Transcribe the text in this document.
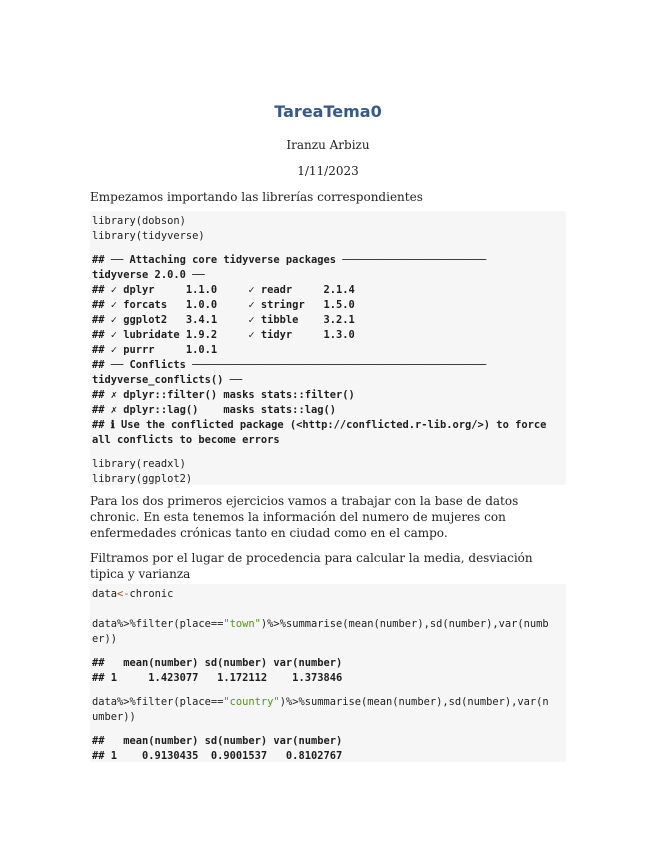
TareaTema0
Iranzu Arbizu
1/11/2023
Empezamos importando las librerías correspondientes
library(dobson)
library(tidyverse)
## ── Attaching core tidyverse packages ───────────────────────
tidyverse 2.0.0 ──
## ✓ dplyr     1.1.0     ✓ readr     2.1.4
## ✓ forcats   1.0.0     ✓ stringr   1.5.0
## ✓ ggplot2   3.4.1     ✓ tibble    3.2.1
## ✓ lubridate 1.9.2     ✓ tidyr     1.3.0
## ✓ purrr     1.0.1
## ── Conflicts ───────────────────────────────────────────────
tidyverse_conflicts() ──
## ✗ dplyr::filter() masks stats::filter()
## ✗ dplyr::lag()    masks stats::lag()
## ℹ Use the conflicted package (<http://conflicted.r-lib.org/>) to force
all conflicts to become errors
library(readxl)
library(ggplot2)
Para los dos primeros ejercicios vamos a trabajar con la base de datos chronic. En esta tenemos la información del numero de mujeres con enfermedades crónicas tanto en ciudad como en el campo.
Filtramos por el lugar de procedencia para calcular la media, desviación tipica y varianza
data<-chronic
data%>%filter(place=="town")%>%summarise(mean(number),sd(number),var(numb
er))
##   mean(number) sd(number) var(number)
## 1     1.423077   1.172112    1.373846
data%>%filter(place=="country")%>%summarise(mean(number),sd(number),var(n
umber))
##   mean(number) sd(number) var(number)
## 1    0.9130435  0.9001537   0.8102767
